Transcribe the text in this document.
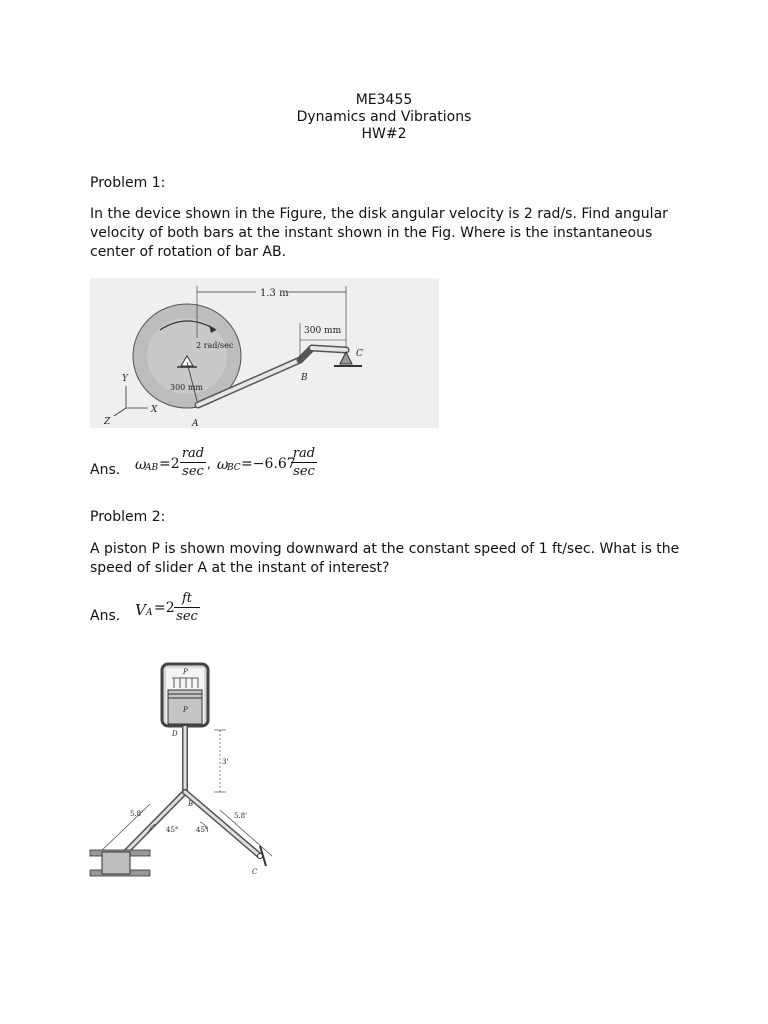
ME3455
Dynamics and Vibrations
HW#2
Problem 1:
In the device shown in the Figure, the disk angular velocity is 2 rad/s. Find angular
velocity of both bars at the instant shown in the Fig. Where is the instantaneous
center of rotation of bar AB.
1.3 m
300 mm
2 rad/sec
300 mm
A
B
C
Y
X
Z
Ans. ω
AB =2
rad
sec , ω
BC =−6.67
rad
sec
Problem 2:
A piston P is shown moving downward at the constant speed of 1 ft/sec. What is the
speed of slider A at the instant of interest?
Ans. V A =2
ft
sec
P
P
D
B
3'
5.8'	5.8'
45°	45°
C
